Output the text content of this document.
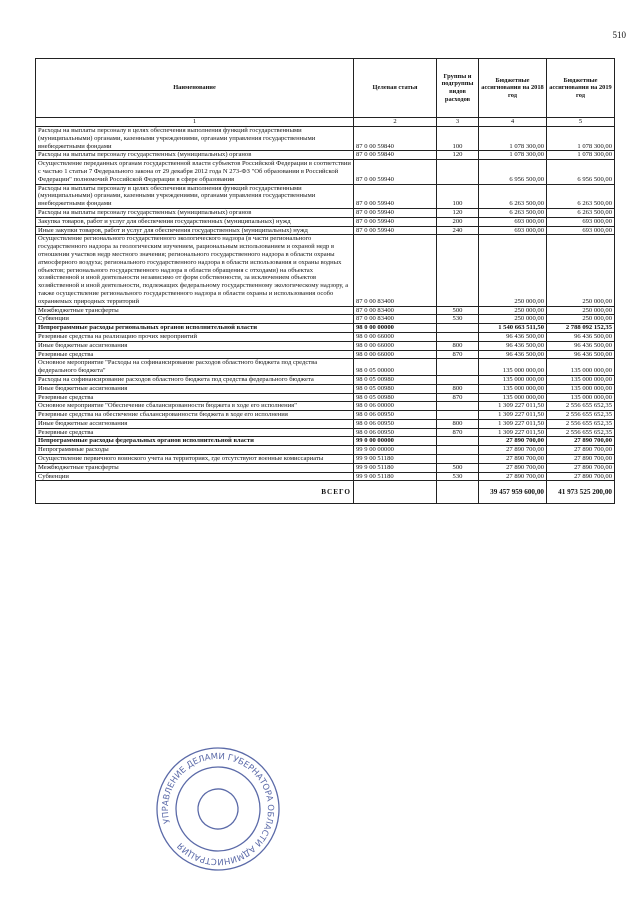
510
Наименование	Целевая статья	Группы и подгруппы видов расходов	Бюджетные ассигнования на 2018 год	Бюджетные ассигнования на 2019 год
1	2	3	4	5
Расходы на выплаты персоналу в целях обеспечения выполнения функций государственными (муниципальными) органами, казенными учреждениями, органами управления государственными внебюджетными фондами	87 0 00 59840	100	1 078 300,00	1 078 300,00
Расходы на выплаты персоналу государственных (муниципальных) органов	87 0 00 59840	120	1 078 300,00	1 078 300,00
Осуществление переданных органам государственной власти субъектов Российской Федерации в соответствии с частью 1 статьи 7 Федерального закона от 29 декабря 2012 года N 273-ФЗ "Об образовании в Российской Федерации" полномочий Российской Федерации в сфере образования	87 0 00 59940		6 956 500,00	6 956 500,00
Расходы на выплаты персоналу в целях обеспечения выполнения функций государственными (муниципальными) органами, казенными учреждениями, органами управления государственными внебюджетными фондами	87 0 00 59940	100	6 263 500,00	6 263 500,00
Расходы на выплаты персоналу государственных (муниципальных) органов	87 0 00 59940	120	6 263 500,00	6 263 500,00
Закупка товаров, работ и услуг для обеспечения государственных (муниципальных) нужд	87 0 00 59940	200	693 000,00	693 000,00
Иные закупки товаров, работ и услуг для обеспечения государственных (муниципальных) нужд	87 0 00 59940	240	693 000,00	693 000,00
Осуществление регионального государственного экологического надзора (в части регионального государственного надзора за геологическим изучением, рациональным использованием и охраной недр в отношении участков недр местного значения; регионального государственного надзора в области охраны атмосферного воздуха; регионального государственного надзора в области использования и охраны водных объектов; регионального государственного надзора в области обращения с отходами) на объектах хозяйственной и иной деятельности независимо от форм собственности, за исключением объектов хозяйственной и иной деятельности, подлежащих федеральному государственному экологическому надзору, а также осуществление регионального государственного надзора в области охраны и использования особо охраняемых природных территорий	87 0 00 83400		250 000,00	250 000,00
Межбюджетные трансферты	87 0 00 83400	500	250 000,00	250 000,00
Субвенции	87 0 00 83400	530	250 000,00	250 000,00
Непрограммные расходы региональных органов исполнительной власти	98 0 00 00000		1 540 663 511,50	2 788 092 152,35
Резервные средства на реализацию прочих мероприятий	98 0 00 66000		96 436 500,00	96 436 500,00
Иные бюджетные ассигнования	98 0 00 66000	800	96 436 500,00	96 436 500,00
Резервные средства	98 0 00 66000	870	96 436 500,00	96 436 500,00
Основное мероприятие "Расходы на софинансирование расходов областного бюджета под средства федерального бюджета"	98 0 05 00000		135 000 000,00	135 000 000,00
Расходы на софинансирование расходов областного бюджета под средства федерального бюджета	98 0 05 00980		135 000 000,00	135 000 000,00
Иные бюджетные ассигнования	98 0 05 00980	800	135 000 000,00	135 000 000,00
Резервные средства	98 0 05 00980	870	135 000 000,00	135 000 000,00
Основное мероприятие "Обеспечение сбалансированности бюджета в ходе его исполнения"	98 0 06 00000		1 309 227 011,50	2 556 655 652,35
Резервные средства на обеспечение сбалансированности бюджета в ходе его исполнения	98 0 06 00950		1 309 227 011,50	2 556 655 652,35
Иные бюджетные ассигнования	98 0 06 00950	800	1 309 227 011,50	2 556 655 652,35
Резервные средства	98 0 06 00950	870	1 309 227 011,50	2 556 655 652,35
Непрограммные расходы федеральных органов исполнительной власти	99 0 00 00000		27 890 700,00	27 890 700,00
Непрограммные расходы	99 9 00 00000		27 890 700,00	27 890 700,00
Осуществление первичного воинского учета на территориях, где отсутствуют военные комиссариаты	99 9 00 51180		27 890 700,00	27 890 700,00
Межбюджетные трансферты	99 9 00 51180	500	27 890 700,00	27 890 700,00
Субвенции	99 9 00 51180	530	27 890 700,00	27 890 700,00
ВСЕГО			39 457 959 600,00	41 973 525 200,00
УПРАВЛЕНИЕ ДЕЛАМИ ГУБЕРНАТОРА ОБЛАСТИ АДМИНИСТРАЦИЯ
